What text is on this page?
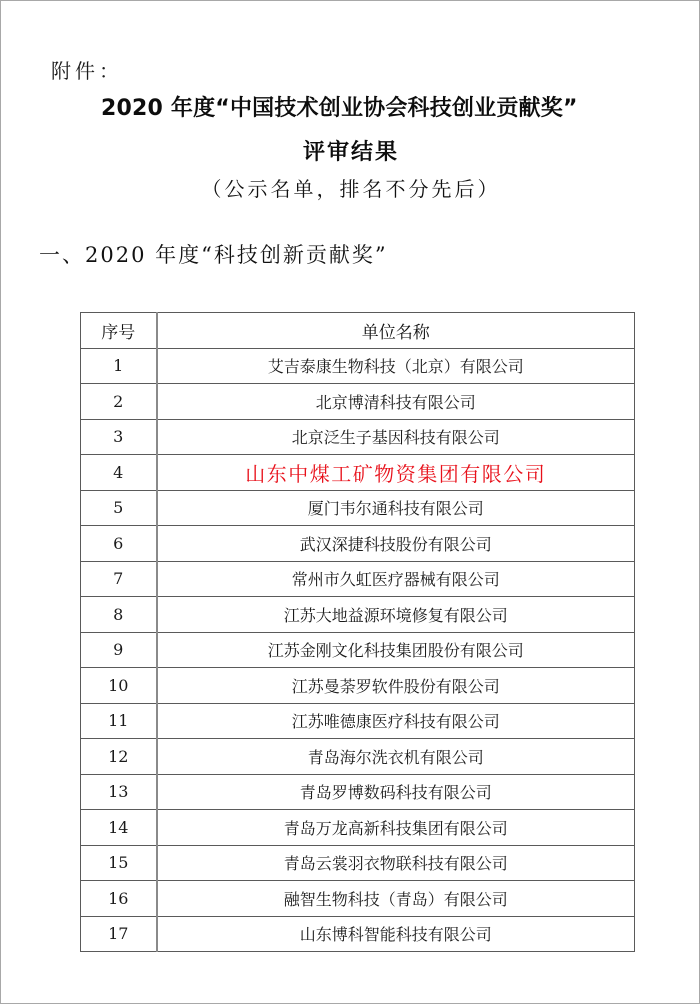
附件：
2020 年度“中国技术创业协会科技创业贡献奖”
评审结果
（公示名单，排名不分先后）
一、2020 年度“科技创新贡献奖”
序号	单位名称
1	艾吉泰康生物科技（北京）有限公司
2	北京博清科技有限公司
3	北京泛生子基因科技有限公司
4	山东中煤工矿物资集团有限公司
5	厦门韦尔通科技有限公司
6	武汉深捷科技股份有限公司
7	常州市久虹医疗器械有限公司
8	江苏大地益源环境修复有限公司
9	江苏金刚文化科技集团股份有限公司
10	江苏曼荼罗软件股份有限公司
11	江苏唯德康医疗科技有限公司
12	青岛海尔洗衣机有限公司
13	青岛罗博数码科技有限公司
14	青岛万龙高新科技集团有限公司
15	青岛云裳羽衣物联科技有限公司
16	融智生物科技（青岛）有限公司
17	山东博科智能科技有限公司
